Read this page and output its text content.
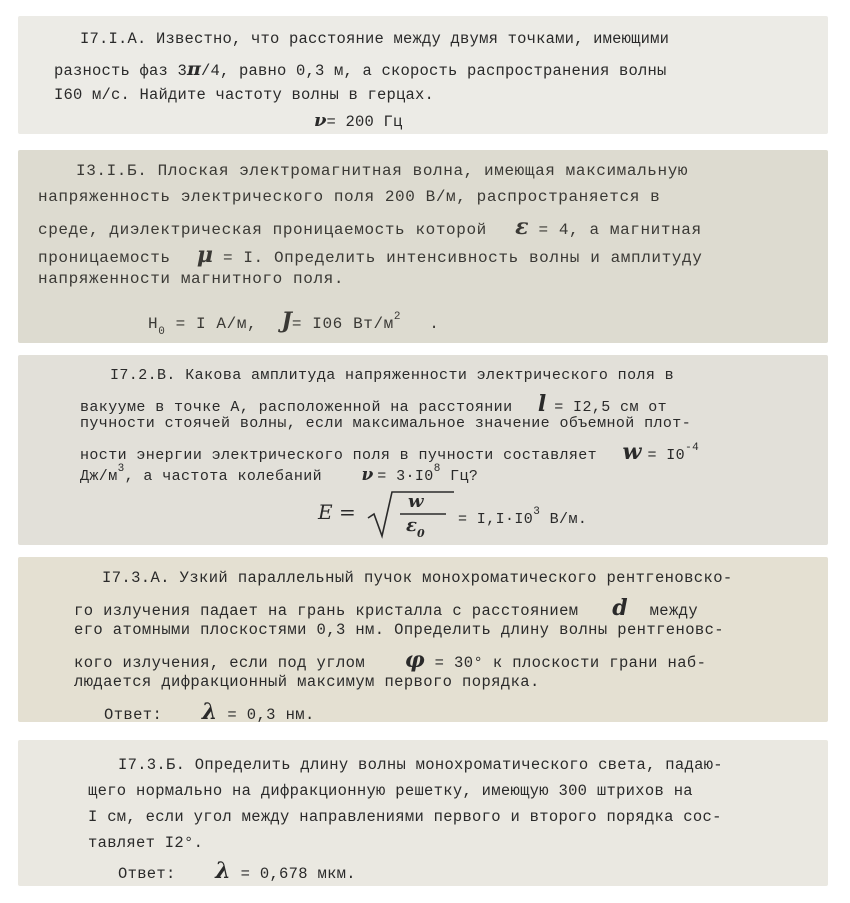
I7.I.А. Известно, что расстояние между двумя точками, имеющими
разность фаз 3π/4, равно 0,3 м, а скорость распространения волны
I60 м/с. Найдите частоту волны в герцах.
ν= 200 Гц
I3.I.Б. Плоская электромагнитная волна, имеющая максимальную
напряженность электрического поля 200 В/м, распространяется в
среде, диэлектрическая проницаемость которой ε = 4, а магнитная
проницаемость μ = I. Определить интенсивность волны и амплитуду
напряженности магнитного поля.
$H_0 = I$ А/м, J= I06 $Вт/м^2$ .
I7.2.В. Какова амплитуда напряженности электрического поля в
вакууме в точке А, расположенной на расстоянии l = I2,5 см от
пучности стоячей волны, если максимальное значение объемной плот-
ности энергии электрического поля в пучности составляет $w = I0^{-4}$
$Дж/м^3$, а частота колебаний $\nu = 3\cdot I0^8$ Гц?
E =	w
$\varepsilon_0$
= $I,I\cdot I0^3$ В/м.
I7.3.А. Узкий параллельный пучок монохроматического рентгеновско-
го излучения падает на грань кристалла с расстоянием d между
его атомными плоскостями 0,3 нм. Определить длину волны рентгеновс-
кого излучения, если под углом φ = 30° к плоскости грани наб-
людается дифракционный максимум первого порядка.
Ответ: λ = 0,3 нм.
I7.3.Б. Определить длину волны монохроматического света, падаю-
щего нормально на дифракционную решетку, имеющую 300 штрихов на
I см, если угол между направлениями первого и второго порядка сос-
тавляет I2°.
Ответ: λ = 0,678 мкм.
